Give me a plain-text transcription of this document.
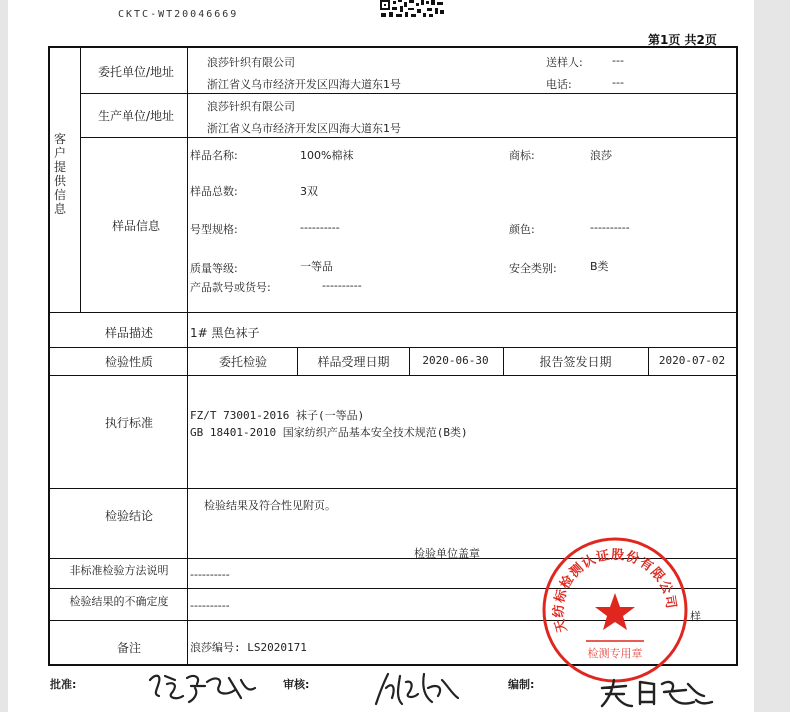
CKTC-WT20046669
第1页 共2页
客
户
提
供
信
息
委托单位/地址
浪莎针织有限公司
浙江省义乌市经济开发区四海大道东1号
送样人:	---
电话:	---
生产单位/地址
浪莎针织有限公司
浙江省义乌市经济开发区四海大道东1号
样品信息
样品名称:	100%棉袜	商标:	浪莎
样品总数:	3双
号型规格:	----------	颜色:	----------
质量等级:	一等品	安全类别:	B类
产品款号或货号:	----------
样品描述	1# 黑色袜子
检验性质	委托检验	样品受理日期	2020-06-30	报告签发日期	2020-07-02
执行标准
FZ/T 73001-2016 袜子(一等品)
GB 18401-2010 国家纺织产品基本安全技术规范(B类)
检验结论
检验结果及符合性见附页。
检验单位盖章
非标准检验方法说明	----------
检验结果的不确定度	----------
备注	浪莎编号: LS2020171
样
天纺标检测认证股份有限公司
检测专用章
批准:	审核:	编制:
